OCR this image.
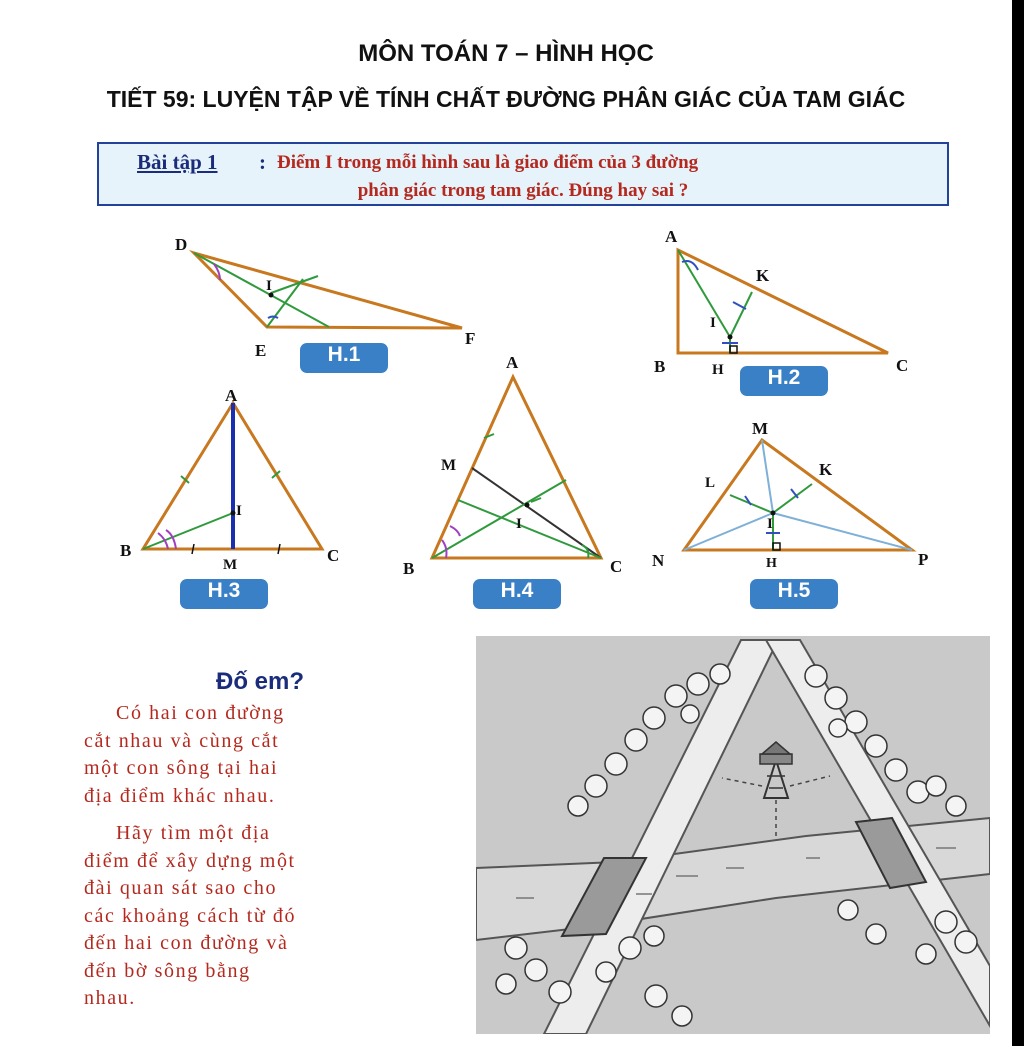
MÔN TOÁN 7 – HÌNH HỌC
TIẾT 59: LUYỆN TẬP VỀ TÍNH CHẤT ĐƯỜNG PHÂN GIÁC CỦA TAM GIÁC
Bài tập 1 : Điểm I trong mỗi hình sau là giao điểm của 3 đường
phân giác trong tam giác. Đúng hay sai ?
D
E
F
I
A
K
I
B	H	C
A
I
B
M	C
A
M
I
B	C
M
L
K
I
N	H	P
H.1
H.2
H.3	H.4	H.5
Đố em?
Có hai con đường
cắt nhau và cùng cắt
một con sông tại hai
địa điểm khác nhau.
Hãy tìm một địa
điểm để xây dựng một
đài quan sát sao cho
các khoảng cách từ đó
đến hai con đường và
đến bờ sông bằng
nhau.
